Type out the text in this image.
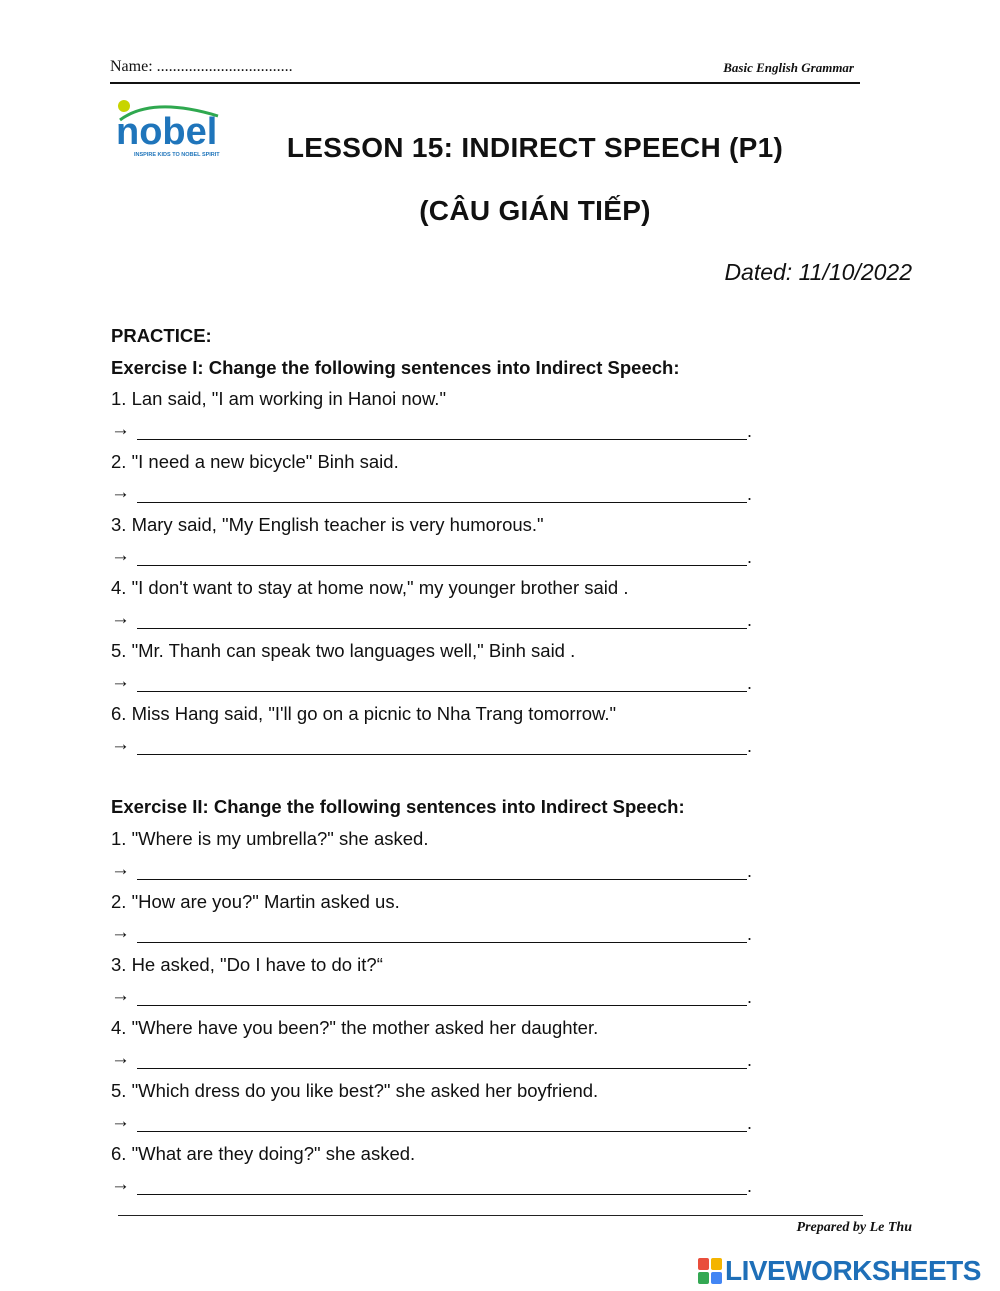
Name: ..................................	Basic English Grammar
nobel
INSPIRE KIDS TO NOBEL SPIRIT	LESSON 15: INDIRECT SPEECH (P1)
(CÂU GIÁN TIẾP)
Dated: 11/10/2022
PRACTICE:
Exercise I: Change the following sentences into Indirect Speech:
1. Lan said, "I am working in Hanoi now."
→	.
2. "I need a new bicycle" Binh said.
→	.
3. Mary said, "My English teacher is very humorous."
→	.
4. "I don't want to stay at home now," my younger brother said .
→	.
5. "Mr. Thanh can speak two languages well," Binh said .
→	.
6. Miss Hang said, "I'll go on a picnic to Nha Trang tomorrow."
→	.
Exercise II: Change the following sentences into Indirect Speech:
1. "Where is my umbrella?" she asked.
→	.
2. "How are you?" Martin asked us.
→	.
3. He asked, "Do I have to do it?“
→	.
4. "Where have you been?" the mother asked her daughter.
→	.
5. "Which dress do you like best?" she asked her boyfriend.
→	.
6. "What are they doing?" she asked.
→	.
Prepared by Le Thu
LIVEWORKSHEETS
